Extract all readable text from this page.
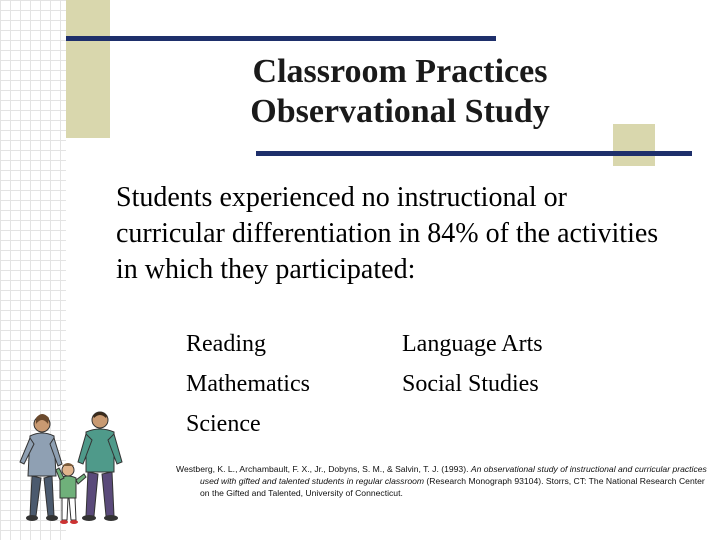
Classroom Practices
Observational Study
Students experienced no instructional or curricular differentiation in 84% of the activities in which they participated:
Reading
Mathematics
Science
Language Arts
Social Studies
Westberg, K. L., Archambault, F. X., Jr., Dobyns, S. M., & Salvin, T. J. (1993). An observational study of instructional and curricular practices used with gifted and talented students in regular classroom (Research Monograph 93104). Storrs, CT: The National Research Center on the Gifted and Talented, University of Connecticut.
